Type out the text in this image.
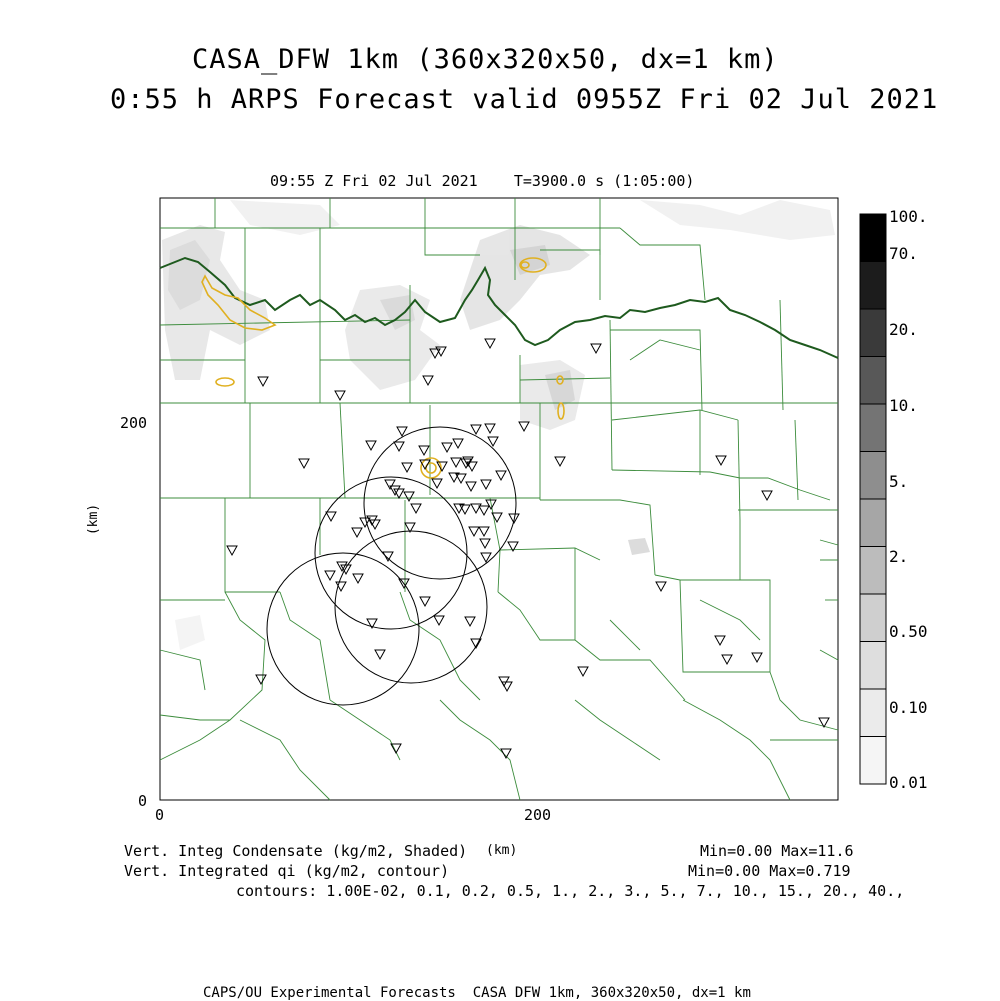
CASA_DFW 1km (360x320x50, dx=1 km)
0:55 h ARPS Forecast valid 0955Z Fri 02 Jul 2021
09:55 Z Fri 02 Jul 2021    T=3900.0 s (1:05:00)
(km)
200
0
0	200
(km)
100.
70.
20.
10.
5.
2.
0.50
0.10
0.01
Vert. Integ Condensate (kg/m2, Shaded)	Min=0.00 Max=11.6
Vert. Integrated qi (kg/m2, contour)	Min=0.00 Max=0.719
contours: 1.00E-02, 0.1, 0.2, 0.5, 1., 2., 3., 5., 7., 10., 15., 20., 40.,
CAPS/OU Experimental Forecasts  CASA DFW 1km, 360x320x50, dx=1 km
